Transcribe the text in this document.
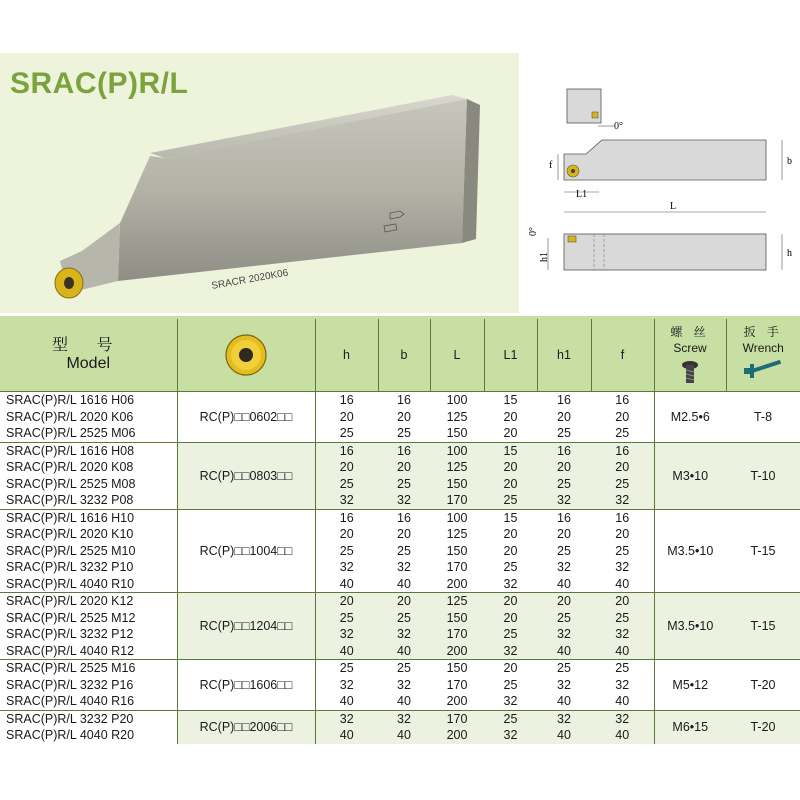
SRACR 2020K06
SRAC(P)R/L
0°
f	b
L1
L
0°
h1	h
型 号
Model		h	b	L	L1	h1	f	螺 丝
Screw	扳 手
Wrench

SRAC(P)R/L 1616 H06	RC(P)□□0602□□	16	16	100	15	16	16	M2.5•6	T-8
SRAC(P)R/L 2020 K06		20	20	125	20	20	20		
SRAC(P)R/L 2525 M06		25	25	150	20	25	25		
SRAC(P)R/L 1616 H08	RC(P)□□0803□□	16	16	100	15	16	16	M3•10	T-10
SRAC(P)R/L 2020 K08		20	20	125	20	20	20		
SRAC(P)R/L 2525 M08		25	25	150	20	25	25		
SRAC(P)R/L 3232 P08		32	32	170	25	32	32		
SRAC(P)R/L 1616 H10	RC(P)□□1004□□	16	16	100	15	16	16	M3.5•10	T-15
SRAC(P)R/L 2020 K10		20	20	125	20	20	20		
SRAC(P)R/L 2525 M10		25	25	150	20	25	25		
SRAC(P)R/L 3232 P10		32	32	170	25	32	32		
SRAC(P)R/L 4040 R10		40	40	200	32	40	40		
SRAC(P)R/L 2020 K12	RC(P)□□1204□□	20	20	125	20	20	20	M3.5•10	T-15
SRAC(P)R/L 2525 M12		25	25	150	20	25	25		
SRAC(P)R/L 3232 P12		32	32	170	25	32	32		
SRAC(P)R/L 4040 R12		40	40	200	32	40	40		
SRAC(P)R/L 2525 M16	RC(P)□□1606□□	25	25	150	20	25	25	M5•12	T-20
SRAC(P)R/L 3232 P16		32	32	170	25	32	32		
SRAC(P)R/L 4040 R16		40	40	200	32	40	40		
SRAC(P)R/L 3232 P20	RC(P)□□2006□□	32	32	170	25	32	32	M6•15	T-20
SRAC(P)R/L 4040 R20		40	40	200	32	40	40		
